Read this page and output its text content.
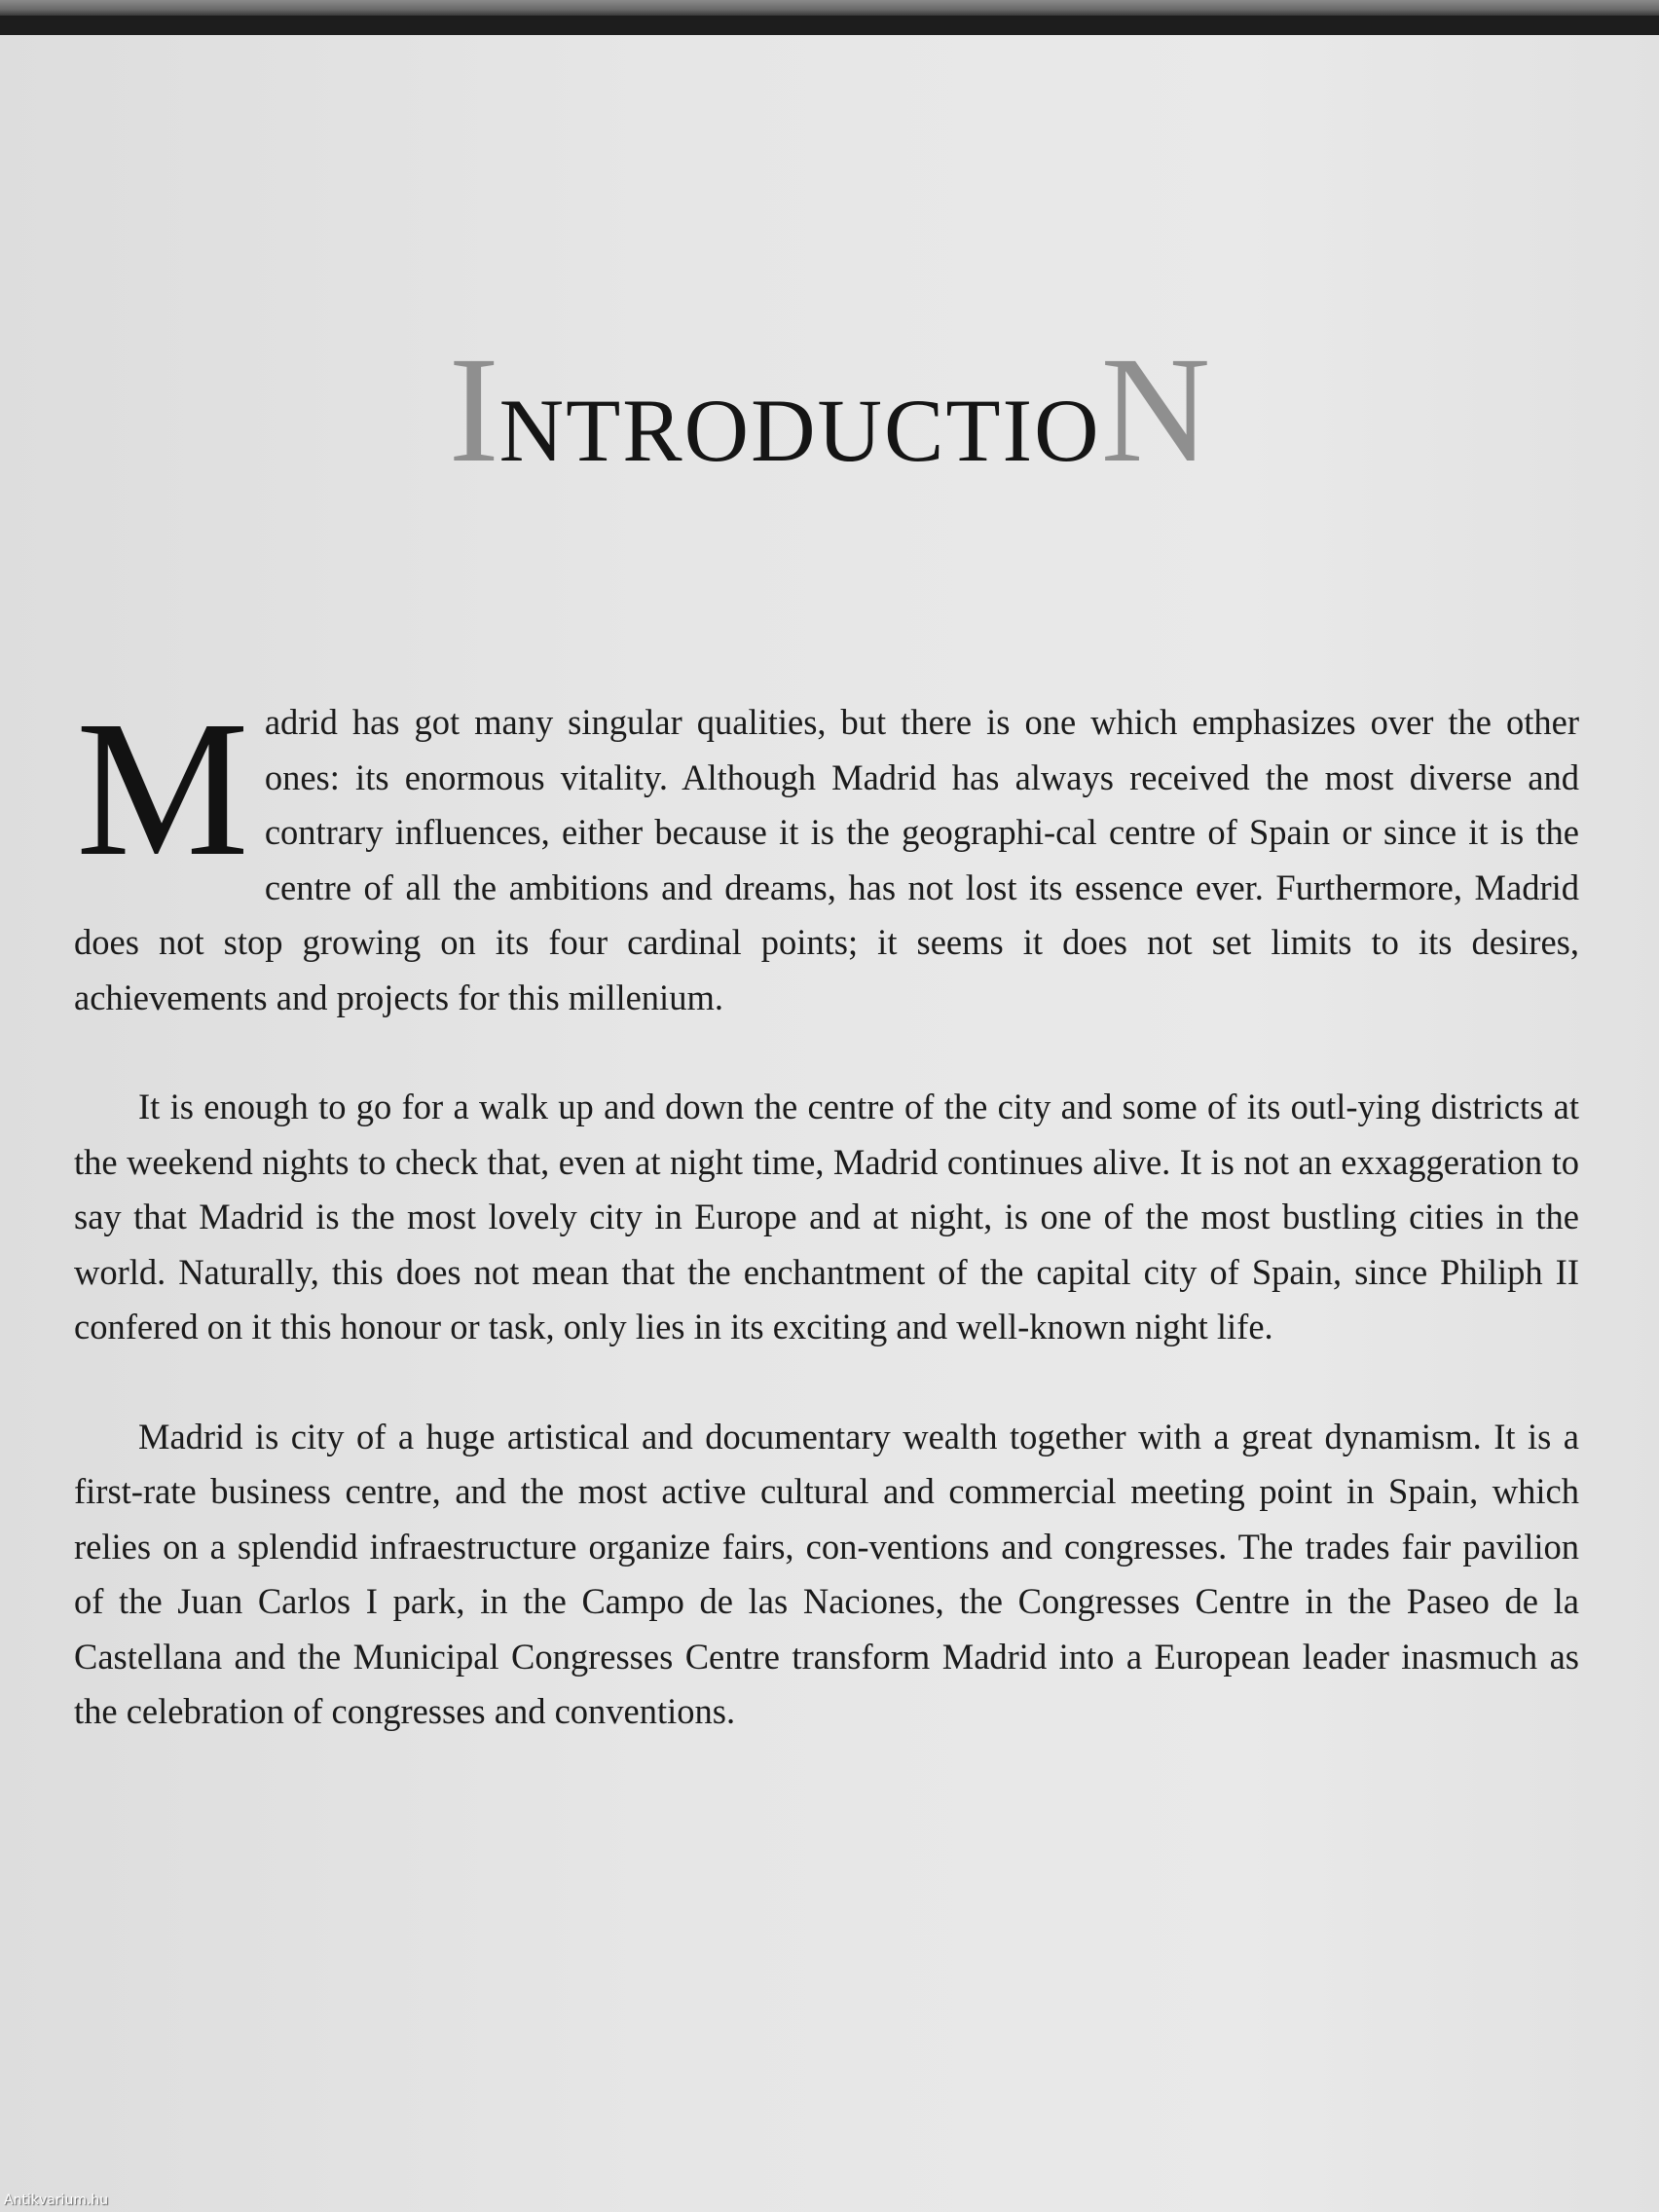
INTRODUCTION

Madrid has got many singular qualities, but there is one which emphasizes over the other ones: its enormous vitality. Although Madrid has always received the most diverse and contrary influences, either because it is the geographi-cal centre of Spain or since it is the centre of all the ambitions and dreams, has not lost its essence ever. Furthermore, Madrid does not stop growing on its four cardinal points; it seems it does not set limits to its desires, achievements and projects for this millenium.

It is enough to go for a walk up and down the centre of the city and some of its outl-ying districts at the weekend nights to check that, even at night time, Madrid continues alive. It is not an exxaggeration to say that Madrid is the most lovely city in Europe and at night, is one of the most bustling cities in the world. Naturally, this does not mean that the enchantment of the capital city of Spain, since Philiph II confered on it this honour or task, only lies in its exciting and well-known night life.

Madrid is city of a huge artistical and documentary wealth together with a great dynamism. It is a first-rate business centre, and the most active cultural and commercial meeting point in Spain, which relies on a splendid infraestructure organize fairs, con-ventions and congresses. The trades fair pavilion of the Juan Carlos I park, in the Campo de las Naciones, the Congresses Centre in the Paseo de la Castellana and the Municipal Congresses Centre transform Madrid into a European leader inasmuch as the celebration of congresses and conventions.

Antikvarium.hu
